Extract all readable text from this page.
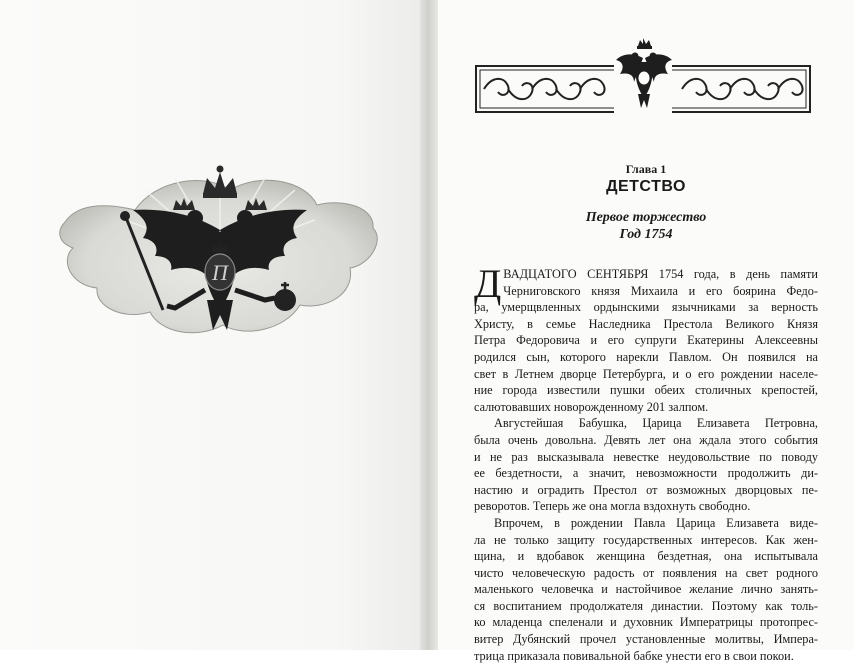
П
Глава 1
ДЕТСТВО
Первое торжество
Год 1754
Д ВАДЦАТОГО СЕНТЯБРЯ 1754 года, в день памяти
Черниговского князя Михаила и его боярина Федо-
ра, умерщвленных ордынскими язычниками за верность
Христу, в семье Наследника Престола Великого Князя
Петра Федоровича и его супруги Екатерины Алексеевны
родился сын, которого нарекли Павлом. Он появился на
свет в Летнем дворце Петербурга, и о его рождении населе-
ние города известили пушки обеих столичных крепостей,
салютовавших новорожденному 201 залпом.
Августейшая Бабушка, Царица Елизавета Петровна,
была очень довольна. Девять лет она ждала этого события
и не раз высказывала невестке неудовольствие по поводу
ее бездетности, а значит, невозможности продолжить ди-
настию и оградить Престол от возможных дворцовых пе-
реворотов. Теперь же она могла вздохнуть свободно.
Впрочем, в рождении Павла Царица Елизавета виде-
ла не только защиту государственных интересов. Как жен-
щина, и вдобавок женщина бездетная, она испытывала
чисто человеческую радость от появления на свет родного
маленького человечка и настойчивое желание лично занять-
ся воспитанием продолжателя династии. Поэтому как толь-
ко младенца спеленали и духовник Императрицы протопрес-
витер Дубянский прочел установленные молитвы, Импера-
трица приказала повивальной бабке унести его в свои покои.
